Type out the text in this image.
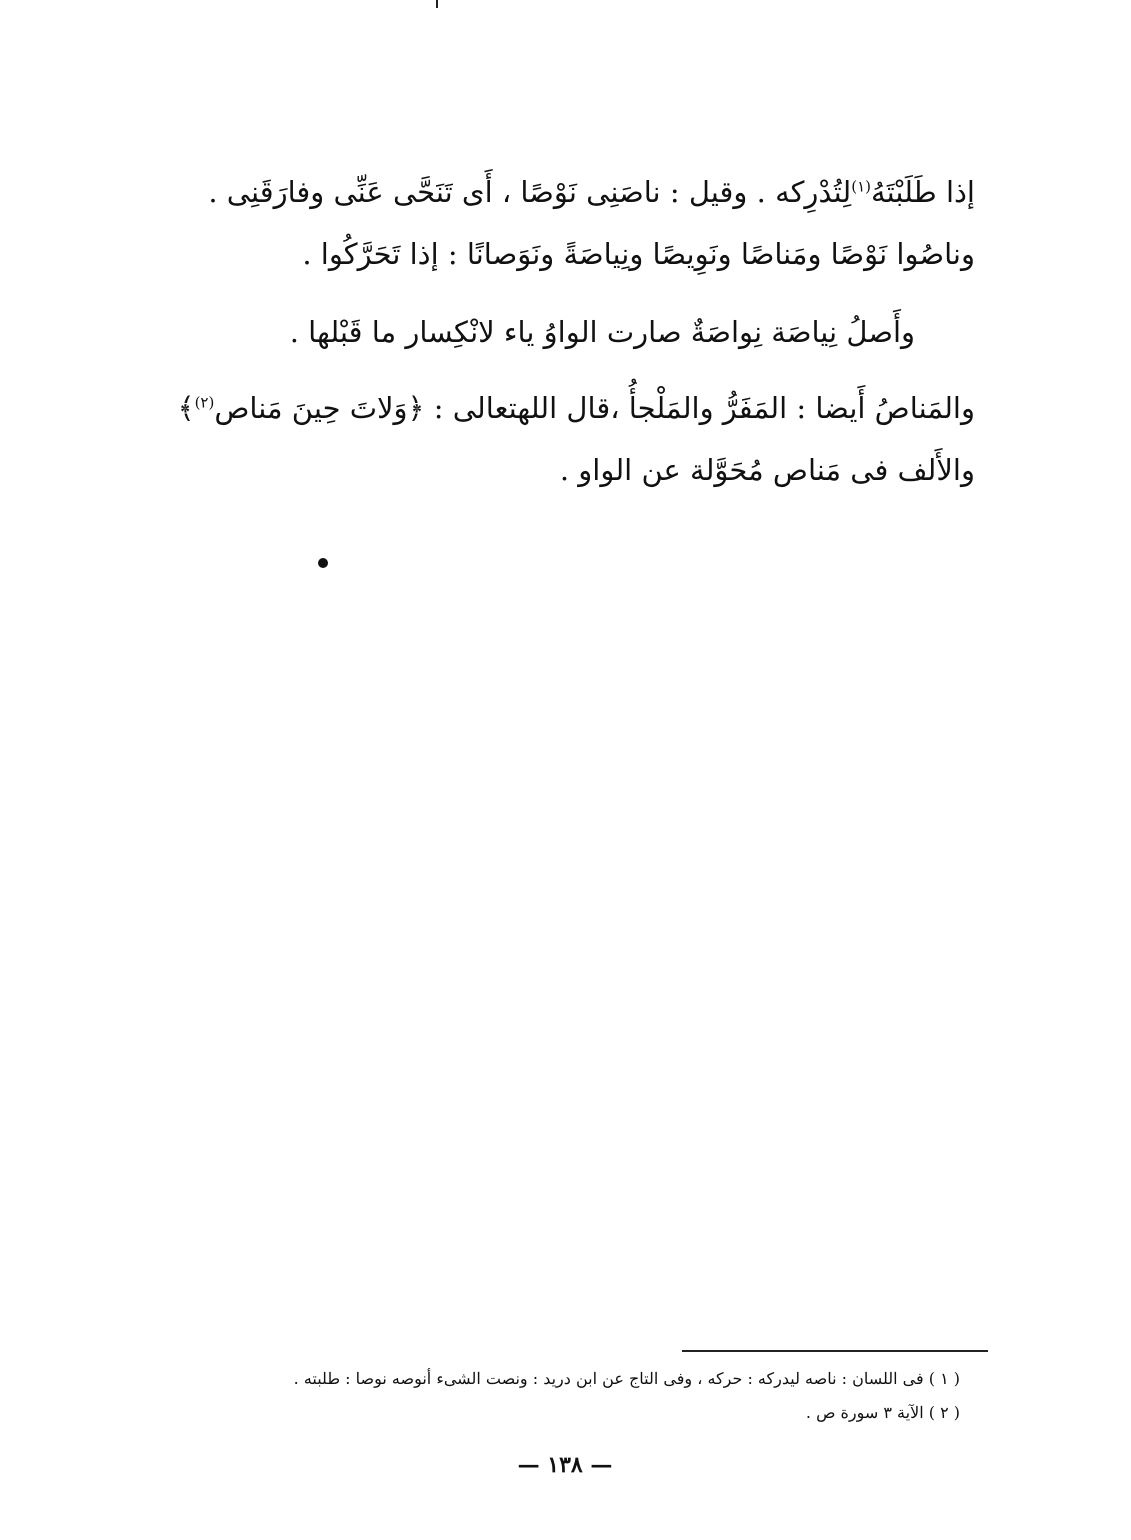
إذا طَلَبْتَهُ$^{(١)}$لِتُدْرِكه . وقيل : ناصَنِى نَوْصًا ، أَى تَنَحَّى عَنِّى وفارَقَنِى .
وناصُوا نَوْصًا ومَناصًا ونَوِيصًا ونِياصَةً ونَوَصانًا : إذا تَحَرَّكُوا .
وأَصلُ نِياصَة نِواصَةٌ صارت الواوُ ياء لانْكِسار ما قَبْلها .
والمَناصُ أَيضا : المَفَرُّ والمَلْجأُ ،قال اللهتعالى : ﴿وَلاتَ حِينَ مَناص$^{(٢)}$﴾
والأَلف فى مَناص مُحَوَّلة عن الواو .
( ١ ) فى اللسان : ناصه ليدركه : حركه ، وفى التاج عن ابن دريد : ونصت الشىء أنوصه نوصا : طلبته .
( ٢ ) الآية ٣ سورة ص .
— ١٣٨ —
